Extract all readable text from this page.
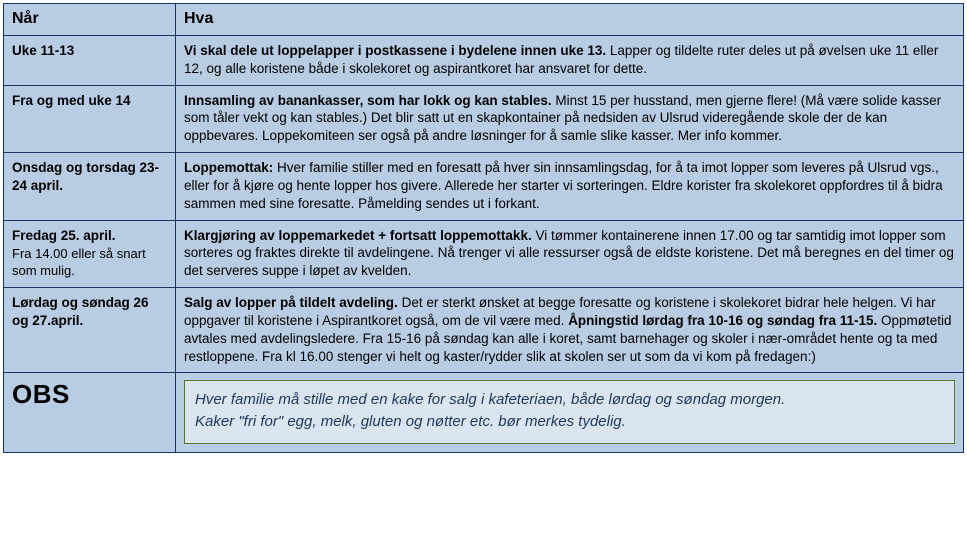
Når	Hva

Uke 11-13	Vi skal dele ut loppelapper i postkassene i bydelene innen uke 13. Lapper og tildelte ruter deles ut på øvelsen uke 11 eller 12, og alle koristene både i skolekoret og aspirantkoret har ansvaret for dette.

Fra og med uke 14	Innsamling av banankasser, som har lokk og kan stables. Minst 15 per husstand, men gjerne flere! (Må være solide kasser som tåler vekt og kan stables.) Det blir satt ut en skapkontainer på nedsiden av Ulsrud videregående skole der de kan oppbevares. Loppekomiteen ser også på andre løsninger for å samle slike kasser. Mer info kommer.

Onsdag og torsdag 23-24 april.	Loppemottak: Hver familie stiller med en foresatt på hver sin innsamlingsdag, for å ta imot lopper som leveres på Ulsrud vgs., eller for å kjøre og hente lopper hos givere. Allerede her starter vi sorteringen. Eldre korister fra skolekoret oppfordres til å bidra sammen med sine foresatte. Påmelding sendes ut i forkant.

Fredag 25. april.
Fra 14.00 eller så snart som mulig.	Klargjøring av loppemarkedet + fortsatt loppemottakk. Vi tømmer kontainerene innen 17.00 og tar samtidig imot lopper som sorteres og fraktes direkte til avdelingene. Nå trenger vi alle ressurser også de eldste koristene. Det må beregnes en del timer og det serveres suppe i løpet av kvelden.

Lørdag og søndag 26 og 27.april.	Salg av lopper på tildelt avdeling. Det er sterkt ønsket at begge foresatte og koristene i skolekoret bidrar hele helgen. Vi har oppgaver til koristene i Aspirantkoret også, om de vil være med. Åpningstid lørdag fra 10-16 og søndag fra 11-15. Oppmøtetid avtales med avdelingsledere. Fra 15-16 på søndag kan alle i koret, samt barnehager og skoler i nær-området hente og ta med restloppene. Fra kl 16.00 stenger vi helt og kaster/rydder slik at skolen ser ut som da vi kom på fredagen:)
OBS	Hver familie må stille med en kake for salg i kafeteriaen, både lørdag og søndag morgen.
Kaker "fri for" egg, melk, gluten og nøtter etc. bør merkes tydelig.
